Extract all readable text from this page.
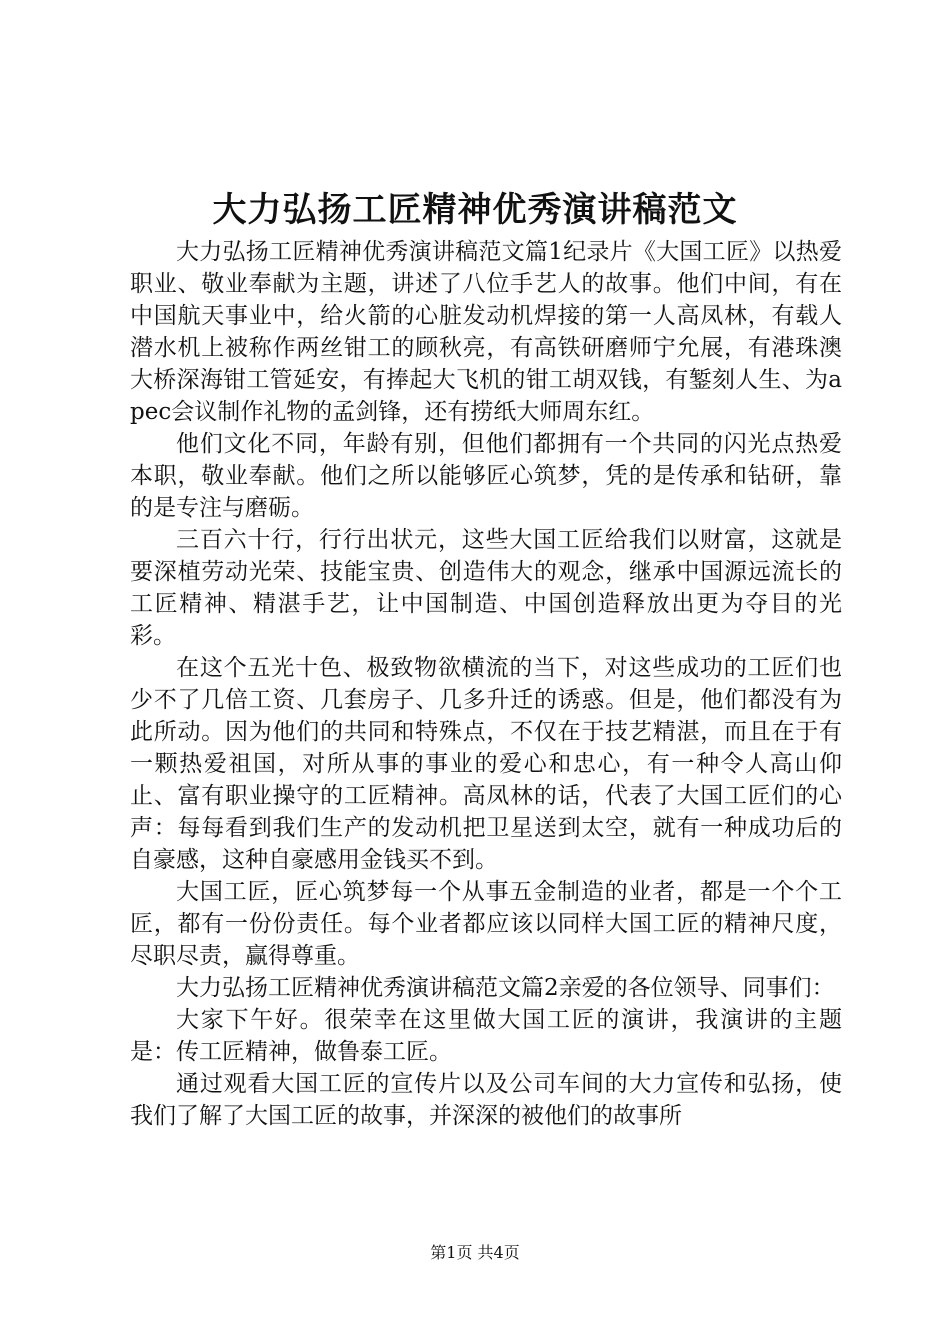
大力弘扬工匠精神优秀演讲稿范文

大力弘扬工匠精神优秀演讲稿范文篇1纪录片《大国工匠》以热爱职业、敬业奉献为主题，讲述了八位手艺人的故事。他们中间，有在中国航天事业中，给火箭的心脏发动机焊接的第一人高凤林，有载人潜水机上被称作两丝钳工的顾秋亮，有高铁研磨师宁允展，有港珠澳大桥深海钳工管延安，有捧起大飞机的钳工胡双钱，有錾刻人生、为apec会议制作礼物的孟剑锋，还有捞纸大师周东红。

他们文化不同，年龄有别，但他们都拥有一个共同的闪光点热爱本职，敬业奉献。他们之所以能够匠心筑梦，凭的是传承和钻研，靠的是专注与磨砺。

三百六十行，行行出状元，这些大国工匠给我们以财富，这就是要深植劳动光荣、技能宝贵、创造伟大的观念，继承中国源远流长的工匠精神、精湛手艺，让中国制造、中国创造释放出更为夺目的光彩。

在这个五光十色、极致物欲横流的当下，对这些成功的工匠们也少不了几倍工资、几套房子、几多升迁的诱惑。但是，他们都没有为此所动。因为他们的共同和特殊点，不仅在于技艺精湛，而且在于有一颗热爱祖国，对所从事的事业的爱心和忠心，有一种令人高山仰止、富有职业操守的工匠精神。高凤林的话，代表了大国工匠们的心声：每每看到我们生产的发动机把卫星送到太空，就有一种成功后的自豪感，这种自豪感用金钱买不到。

大国工匠，匠心筑梦每一个从事五金制造的业者，都是一个个工匠，都有一份份责任。每个业者都应该以同样大国工匠的精神尺度，尽职尽责，赢得尊重。

大力弘扬工匠精神优秀演讲稿范文篇2亲爱的各位领导、同事们：

大家下午好。很荣幸在这里做大国工匠的演讲，我演讲的主题是：传工匠精神，做鲁泰工匠。

通过观看大国工匠的宣传片以及公司车间的大力宣传和弘扬，使我们了解了大国工匠的故事，并深深的被他们的故事所

第1页 共4页
